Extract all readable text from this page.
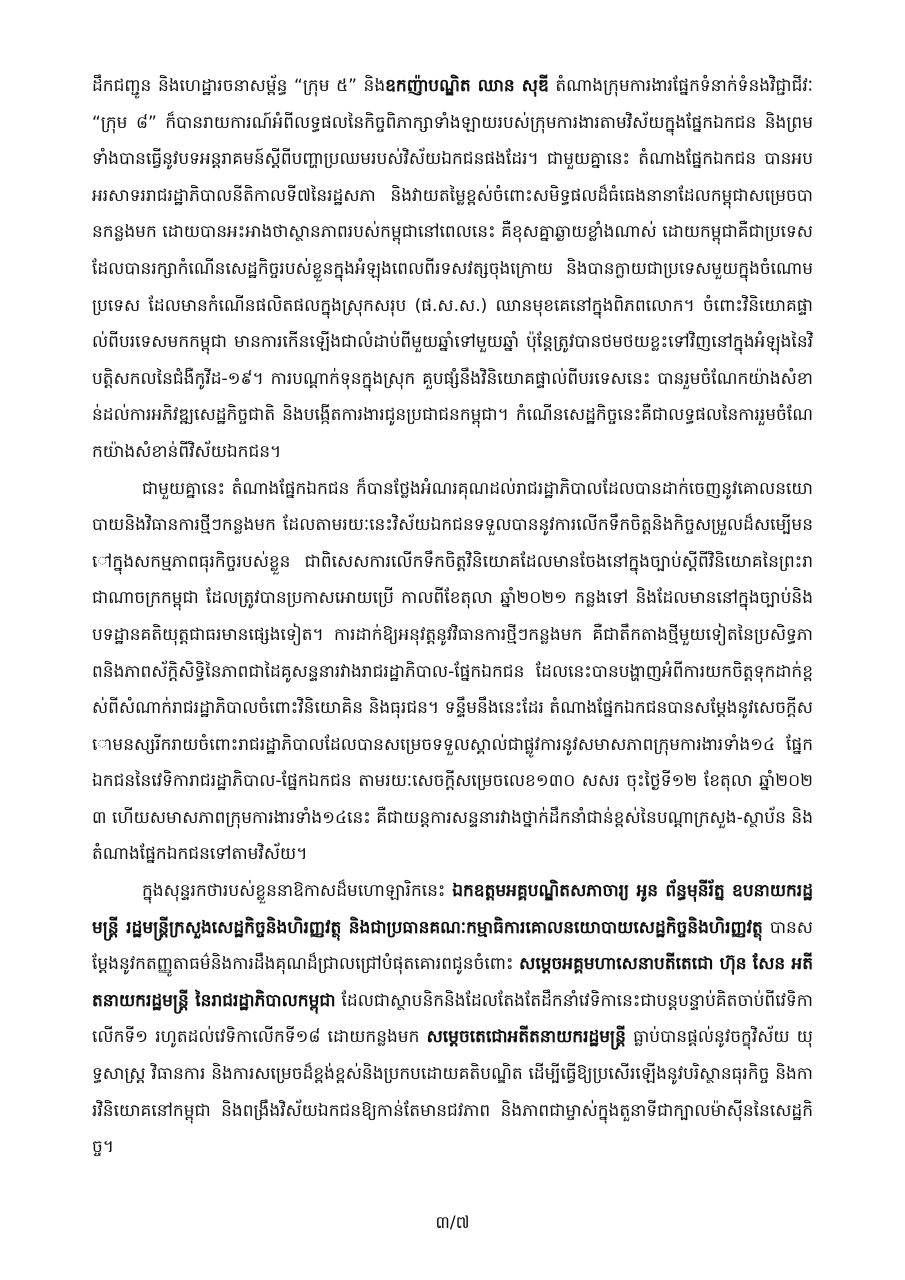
ដឹកជញ្ជូន និងហេដ្ឋារចនាសម្ព័ន្ធ “ក្រុម ៥” និងឧកញ៉ាបណ្ឌិត ឈាន សុឌី តំណាងក្រុមការងារផ្នែកទំនាក់ទំនងវិជ្ជាជីវៈ “ក្រុម ៨” ក៏បានរាយការណ៍អំពីលទ្ធផលនៃកិច្ចពិភាក្សាទាំងឡាយរបស់ក្រុមការងារតាមវិស័យក្នុងផ្នែកឯកជន និងព្រមទាំងបានធ្វើនូវបទអន្តរាគមន៍ស្ដីពីបញ្ហាប្រឈមរបស់វិស័យឯកជនផងដែរ។ ជាមួយគ្នានេះ តំណាងផ្នែកឯកជន បានអបអរសាទររាជរដ្ឋាភិបាលនីតិកាលទី៧នៃរដ្ឋសភា និងវាយតម្លៃខ្ពស់ចំពោះសមិទ្ធផលដ៏ធំធេងនានាដែលកម្ពុជាសម្រេចបានកន្លងមក ដោយបានអះអាងថាស្ថានភាពរបស់កម្ពុជានៅពេលនេះ គឺខុសគ្នាឆ្ងាយខ្លាំងណាស់ ដោយកម្ពុជាគឺជាប្រទេសដែលបានរក្សាកំណើនសេដ្ឋកិច្ចរបស់ខ្លួនក្នុងអំឡុងពេលពីរទសវត្សចុងក្រោយ និងបានក្លាយជាប្រទេសមួយក្នុងចំណោមប្រទេស ដែលមានកំណើនផលិតផលក្នុងស្រុកសរុប (ផ.ស.ស.) ឈានមុខគេនៅក្នុងពិភពលោក។ ចំពោះវិនិយោគផ្ទាល់ពីបរទេសមកកម្ពុជា មានការកើនឡើងជាលំដាប់ពីមួយឆ្នាំទៅមួយឆ្នាំ ប៉ុន្តែត្រូវបានថមថយខ្លះទៅវិញនៅក្នុងអំឡុងនៃវិបត្តិសកលនៃជំងឺកូវីដ-១៩។ ការបណ្ដាក់ទុនក្នុងស្រុក គួបផ្សំនឹងវិនិយោគផ្ទាល់ពីបរទេសនេះ បានរួមចំណែកយ៉ាងសំខាន់ដល់ការអភិវឌ្ឍសេដ្ឋកិច្ចជាតិ និងបង្កើតការងារជូនប្រជាជនកម្ពុជា។ កំណើនសេដ្ឋកិច្ចនេះគឺជាលទ្ធផលនៃការរួមចំណែកយ៉ាងសំខាន់ពីវិស័យឯកជន។

ជាមួយគ្នានេះ តំណាងផ្នែកឯកជន ក៏បានថ្លែងអំណរគុណដល់រាជរដ្ឋាភិបាលដែលបានដាក់ចេញនូវគោលនយោបាយនិងវិធានការថ្មីៗកន្លងមក ដែលតាមរយៈនេះវិស័យឯកជនទទួលបាននូវការលើកទឹកចិត្តនិងកិច្ចសម្រួលដ៏សម្បើមនៅក្នុងសកម្មភាពធុរកិច្ចរបស់ខ្លួន ជាពិសេសការលើកទឹកចិត្តវិនិយោគដែលមានចែងនៅក្នុងច្បាប់ស្ដីពីវិនិយោគនៃព្រះរាជាណាចក្រកម្ពុជា ដែលត្រូវបានប្រកាសអោយប្រើ កាលពីខែតុលា ឆ្នាំ២០២១ កន្លងទៅ និងដែលមាននៅក្នុងច្បាប់និងបទដ្ឋានគតិយុត្តជាធរមានផ្សេងទៀត។ ការដាក់ឱ្យអនុវត្តនូវវិធានការថ្មីៗកន្លងមក គឺជាតឹកតាងថ្មីមួយទៀតនៃប្រសិទ្ធភាពនិងភាពស័ក្តិសិទ្ធិនៃភាពជាដៃគូសន្ទនារវាងរាជរដ្ឋាភិបាល-ផ្នែកឯកជន ដែលនេះបានបង្ហាញអំពីការយកចិត្តទុកដាក់ខ្ពស់ពីសំណាក់រាជរដ្ឋាភិបាលចំពោះវិនិយោគិន និងធុរជន។ ទន្ទឹមនឹងនេះដែរ តំណាងផ្នែកឯកជនបានសម្ដែងនូវសេចក្ដីសោមនស្សរីករាយចំពោះរាជរដ្ឋាភិបាលដែលបានសម្រេចទទួលស្គាល់ជាផ្លូវការនូវសមាសភាពក្រុមការងារទាំង១៤ ផ្នែកឯកជននៃវេទិការាជរដ្ឋាភិបាល-ផ្នែកឯកជន តាមរយៈសេចក្ដីសម្រេចលេខ១៣០ សសរ ចុះថ្ងៃទី១២ ខែតុលា ឆ្នាំ២០២៣ ហើយសមាសភាពក្រុមការងារទាំង១៤នេះ គឺជាយន្តការសន្ទនារវាងថ្នាក់ដឹកនាំជាន់ខ្ពស់នៃបណ្ដាក្រសួង-ស្ថាប័ន និងតំណាងផ្នែកឯកជនទៅតាមវិស័យ។

ក្នុងសុន្ទរកថារបស់ខ្លួននាឱកាសដ៏មហោឡារិកនេះ ឯកឧត្តមអគ្គបណ្ឌិតសភាចារ្យ អូន ព័ន្ធមុនីរ័ត្ន ឧបនាយករដ្ឋមន្ត្រី រដ្ឋមន្ត្រីក្រសួងសេដ្ឋកិច្ចនិងហិរញ្ញវត្ថុ និងជាប្រធានគណៈកម្មាធិការគោលនយោបាយសេដ្ឋកិច្ចនិងហិរញ្ញវត្ថុ បានសម្ដែងនូវកតញ្ញូតាធម៌និងការដឹងគុណដ៏ជ្រាលជ្រៅបំផុតគោរពជូនចំពោះ សម្ដេចអគ្គមហាសេនាបតីតេជោ ហ៊ុន សែន អតីតនាយករដ្ឋមន្ត្រី នៃរាជរដ្ឋាភិបាលកម្ពុជា ដែលជាស្ថាបនិកនិងដែលតែងតែដឹកនាំវេទិកានេះជាបន្តបន្ទាប់គិតចាប់ពីវេទិកាលើកទី១ រហូតដល់វេទិកាលើកទី១៨ ដោយកន្លងមក សម្ដេចតេជោអតីតនាយករដ្ឋមន្ត្រី ធ្លាប់បានផ្ដល់នូវចក្ខុវិស័យ យុទ្ធសាស្ត្រ វិធានការ និងការសម្រេចដ៏ខ្ពង់ខ្ពស់និងប្រកបដោយគតិបណ្ឌិត ដើម្បីធ្វើឱ្យប្រសើរឡើងនូវបរិស្ថានធុរកិច្ច និងការវិនិយោគនៅកម្ពុជា និងពង្រឹងវិស័យឯកជនឱ្យកាន់តែមានជវភាព និងភាពជាម្ចាស់ក្នុងតួនាទីជាក្បាលម៉ាស៊ីននៃសេដ្ឋកិច្ច។

៣/៧
